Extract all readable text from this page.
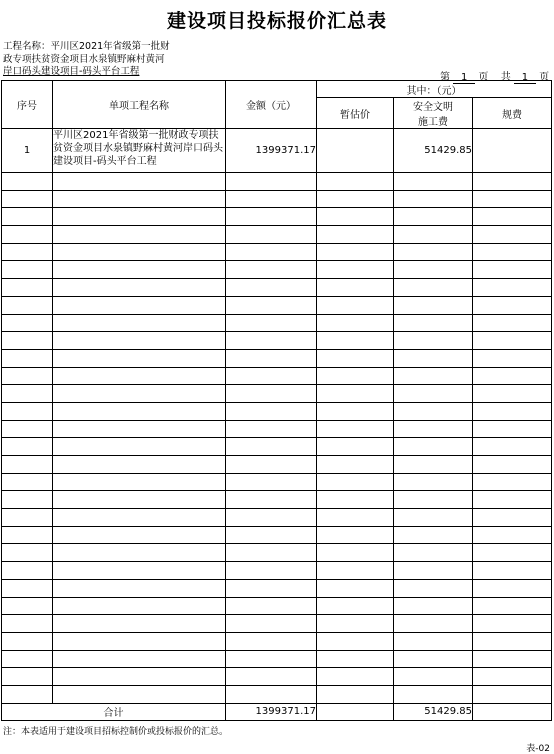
建设项目投标报价汇总表
工程名称：平川区2021年省级第一批财
政专项扶贫资金项目水泉镇野麻村黄河
岸口码头建设项目-码头平台工程
第 1 页 共 1 页
序号	单项工程名称	金额（元）	其中：（元）		
			暂估价	安全文明
施工费	规费
1	平川区2021年省级第一批财政专项扶贫资金项目水泉镇野麻村黄河岸口码头建设项目-码头平台工程	1399371.17		51429.85	

合计		1399371.17		51429.85	
注：本表适用于建设项目招标控制价或投标报价的汇总。
表-02
